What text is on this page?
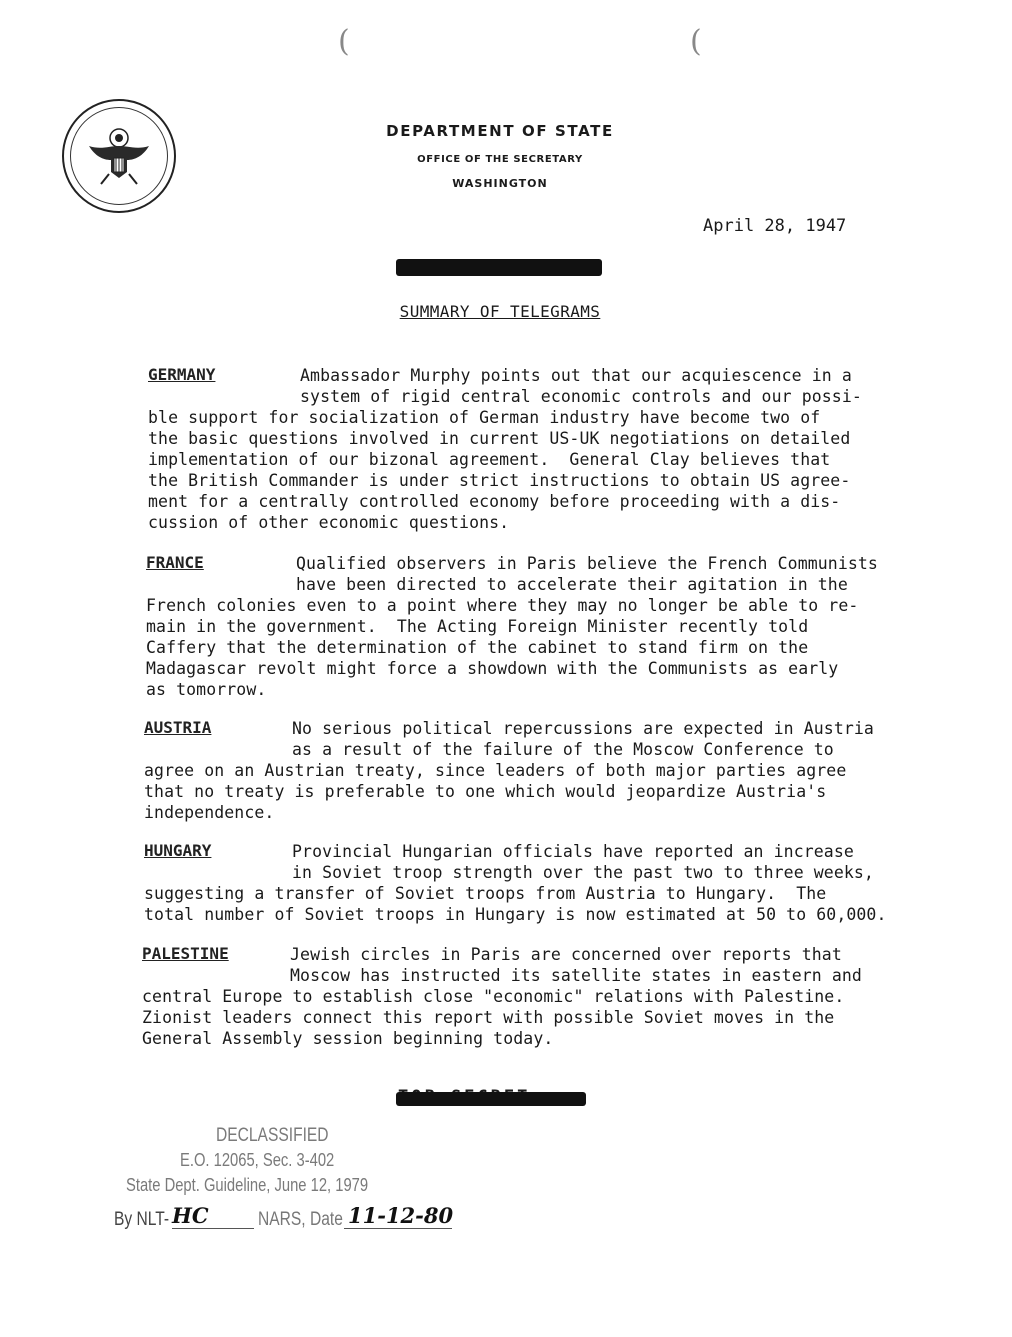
(	(
DEPARTMENT OF STATE
OFFICE OF THE SECRETARY
WASHINGTON
April 28, 1947
SUMMARY OF TELEGRAMS
GERMANY	Ambassador Murphy points out that our acquiescence in a
system of rigid central economic controls and our possi-
ble support for socialization of German industry have become two of
the basic questions involved in current US-UK negotiations on detailed
implementation of our bizonal agreement.  General Clay believes that
the British Commander is under strict instructions to obtain US agree-
ment for a centrally controlled economy before proceeding with a dis-
cussion of other economic questions.
FRANCE	Qualified observers in Paris believe the French Communists
have been directed to accelerate their agitation in the
French colonies even to a point where they may no longer be able to re-
main in the government.  The Acting Foreign Minister recently told
Caffery that the determination of the cabinet to stand firm on the
Madagascar revolt might force a showdown with the Communists as early
as tomorrow.
AUSTRIA	No serious political repercussions are expected in Austria
as a result of the failure of the Moscow Conference to
agree on an Austrian treaty, since leaders of both major parties agree
that no treaty is preferable to one which would jeopardize Austria's
independence.
HUNGARY	Provincial Hungarian officials have reported an increase
in Soviet troop strength over the past two to three weeks,
suggesting a transfer of Soviet troops from Austria to Hungary.  The
total number of Soviet troops in Hungary is now estimated at 50 to 60,000.
PALESTINE	Jewish circles in Paris are concerned over reports that
Moscow has instructed its satellite states in eastern and
central Europe to establish close "economic" relations with Palestine.
Zionist leaders connect this report with possible Soviet moves in the
General Assembly session beginning today.
DECLASSIFIED
E.O. 12065, Sec. 3-402
State Dept. Guideline, June 12, 1979
By NLT- HC	NARS, Date 11-12-80
